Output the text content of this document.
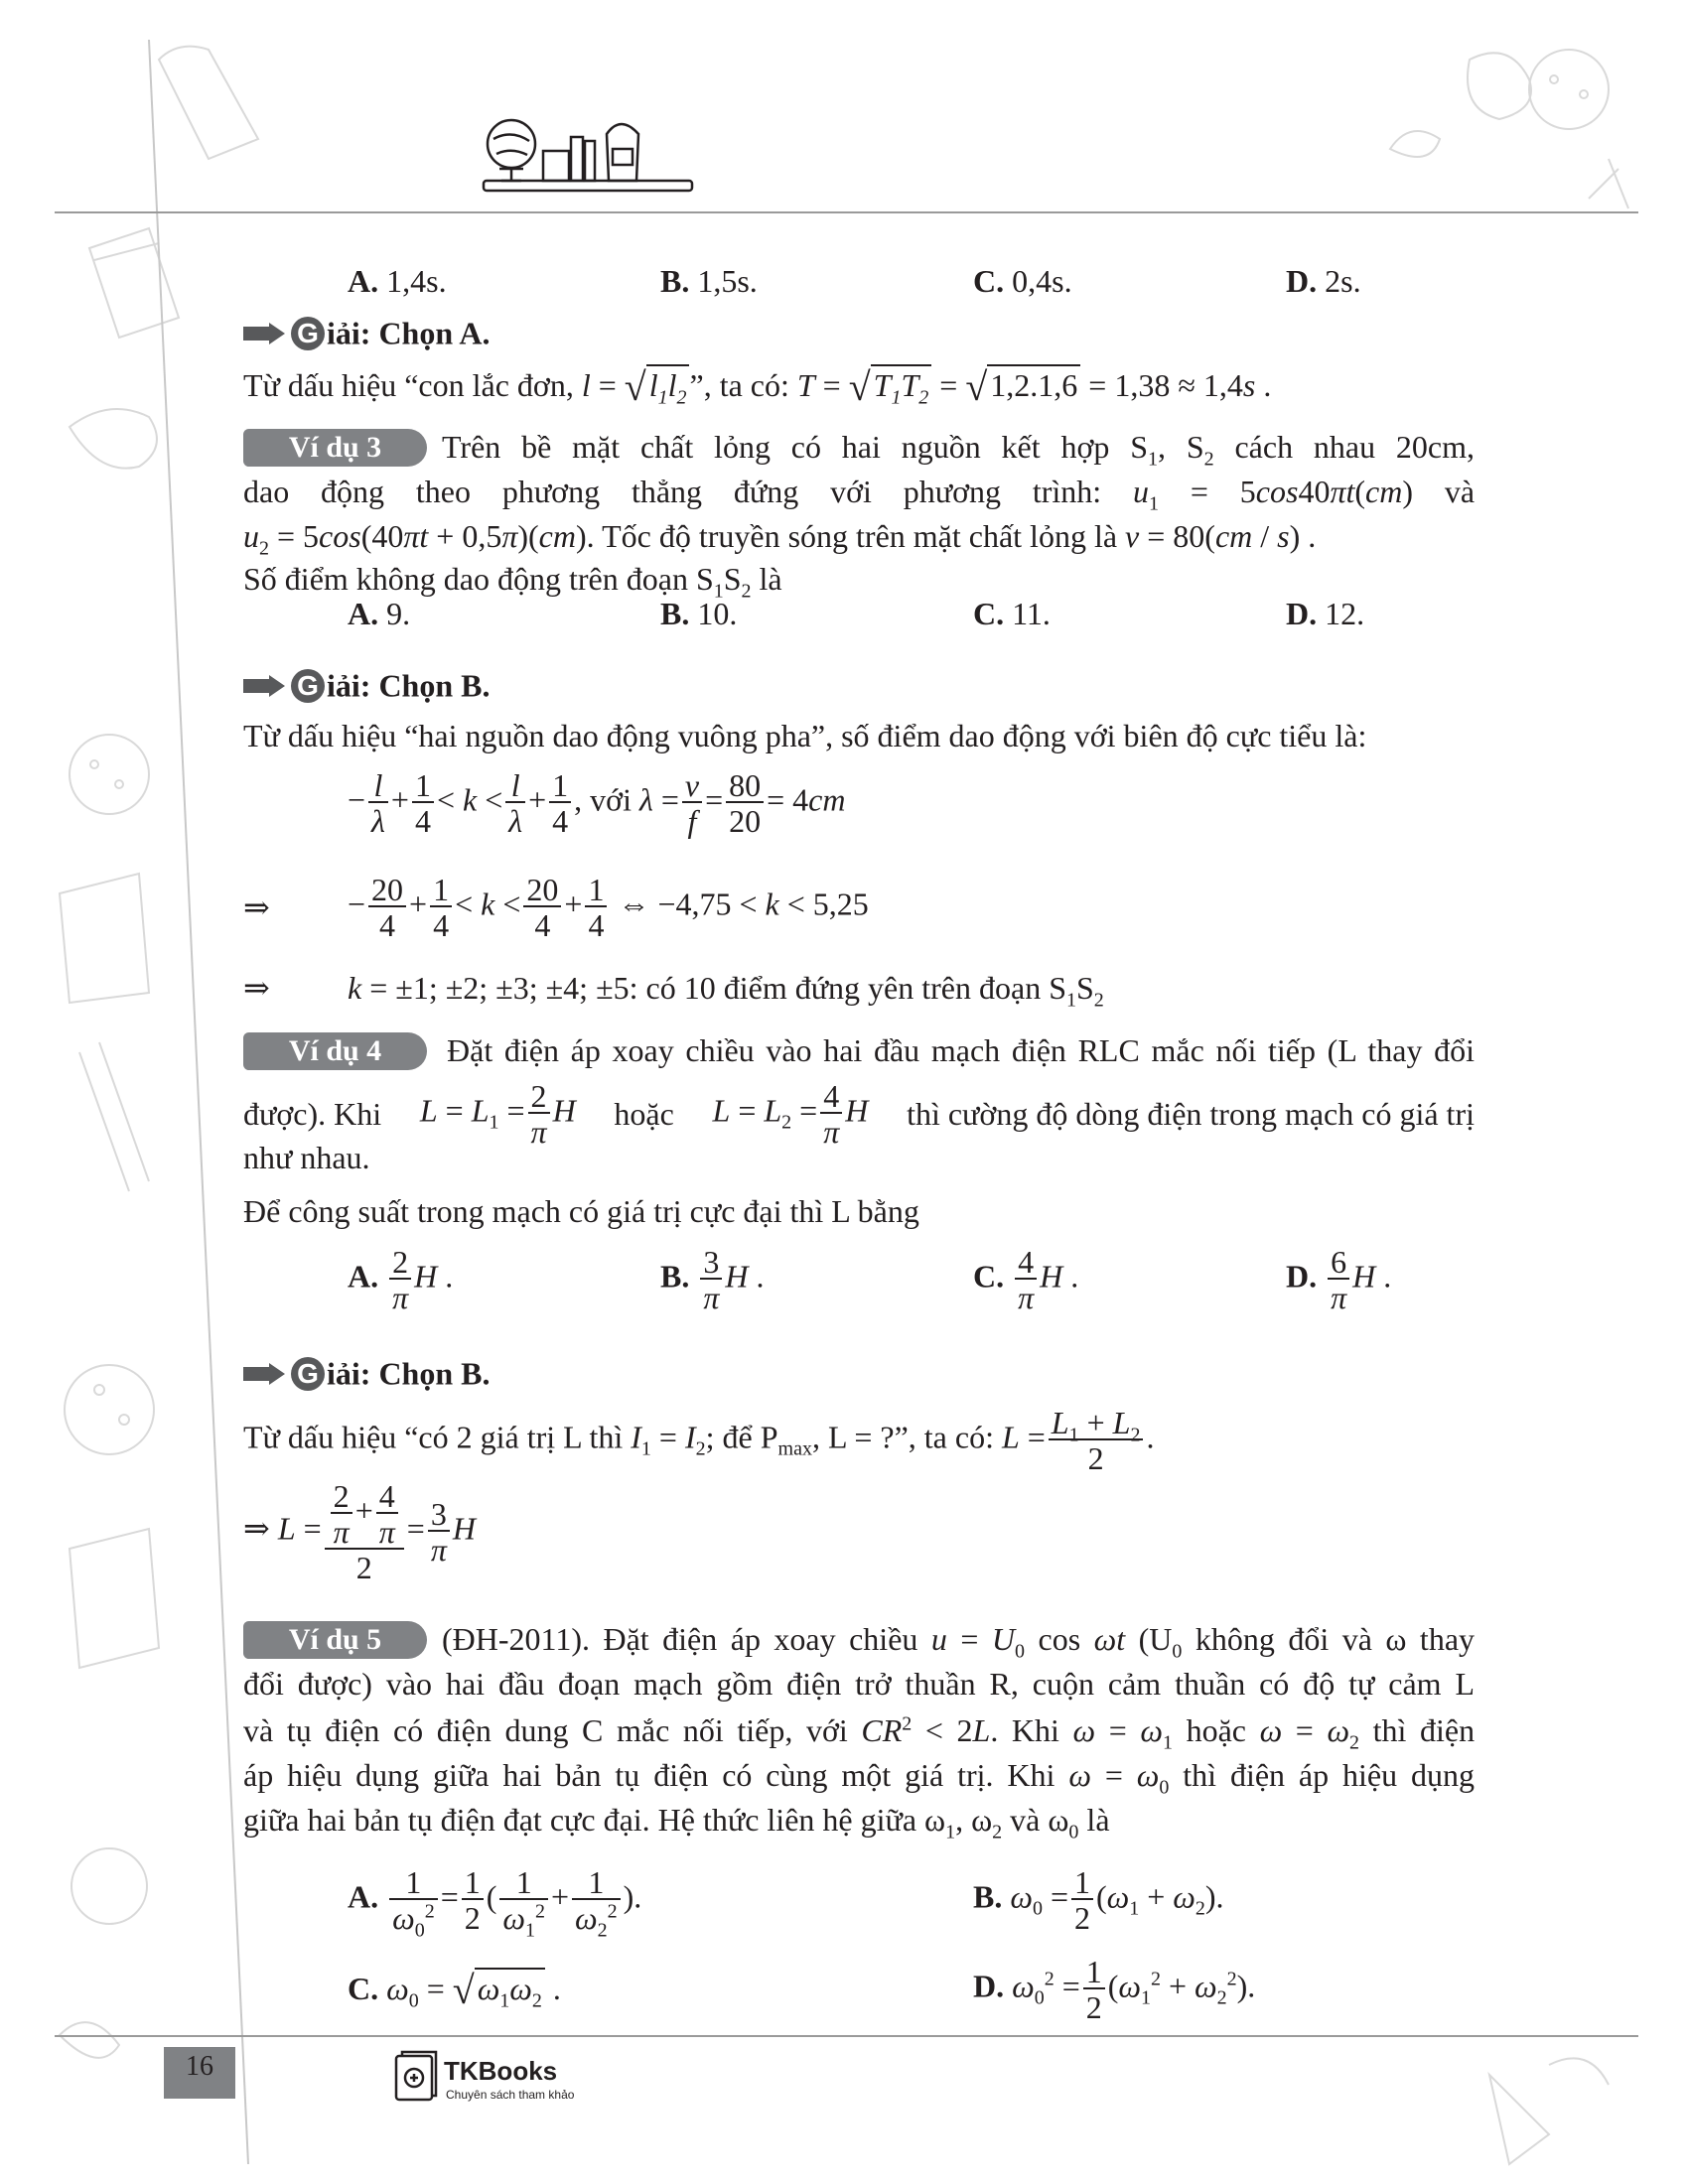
A. 1,4s.	B. 1,5s.	C. 0,4s.	D. 2s.
G iải: Chọn A.
Từ dấu hiệu “con lắc đơn, $l = √l_1l_2$”, ta có: $T = √T_1T_2 = √1,2.1,6 = 1,38 \approx 1,4s$ .
Ví dụ 3	Trên bề mặt chất lỏng có hai nguồn kết hợp $S_1$, $S_2$ cách nhau 20cm,
dao động theo phương thẳng đứng với phương trình: $u_1 = 5\cos 40\pi t(cm)$ và
$u_2 = 5\cos(40\pi t + 0,5\pi)(cm)$. Tốc độ truyền sóng trên mặt chất lỏng là v = 80(cm / s) .
Số điểm không dao động trên đoạn $S_1S_2$ là
A. 9.	B. 10.	C. 11.	D. 12.
G iải: Chọn B.
Từ dấu hiệu “hai nguồn dao động vuông pha”, số điểm dao động với biên độ cực tiểu là:
− $\frac{l}{\lambda} + \frac{1}{4} < k < \frac{l}{\lambda} + \frac{1}{4}$ , với $\lambda = \frac{v}{f} = \frac{80}{20} = 4cm$
⇒ − $\frac{20}{4} + \frac{1}{4} < k < \frac{20}{4} + \frac{1}{4}$ ⇔ −4,75 < k < 5,25
⇒ k = ±1; ±2; ±3; ±4; ±5: có 10 điểm đứng yên trên đoạn $S_1S_2$
Ví dụ 4	Đặt điện áp xoay chiều vào hai đầu mạch điện RLC mắc nối tiếp (L thay đổi
được). Khi $L = L_1 = \frac{2}{\pi}$ H hoặc $L = L_2 = \frac{4}{\pi}$ H thì cường độ dòng điện trong mạch có giá trị
như nhau.
Để công suất trong mạch có giá trị cực đại thì L bằng
A. $\frac{2}{\pi}$ H .	B. $\frac{3}{\pi}$ H .	C. $\frac{4}{\pi}$ H .	D. $\frac{6}{\pi}$ H .
G iải: Chọn B.
Từ dấu hiệu “có 2 giá trị L thì $I_1 = I_2$; để $P_{max}$, L = ?”, ta có: $L = \frac{L_1 + L_2}{2}$ .
⇒ $L = \frac{\frac{2}{\pi} + \frac{4}{\pi}}{2} = \frac{3}{\pi}$ H
Ví dụ 5	(ĐH-2011). Đặt điện áp xoay chiều $u = U_0$ cos ωt ($U_0$ không đổi và ω thay
đổi được) vào hai đầu đoạn mạch gồm điện trở thuần R, cuộn cảm thuần có độ tự cảm L
và tụ điện có điện dung C mắc nối tiếp, với $CR^2 < 2L$. Khi $\omega = \omega_1$ hoặc $\omega = \omega_2$ thì điện
áp hiệu dụng giữa hai bản tụ điện có cùng một giá trị. Khi $\omega = \omega_0$ thì điện áp hiệu dụng
giữa hai bản tụ điện đạt cực đại. Hệ thức liên hệ giữa $\omega_1$, $\omega_2$ và $\omega_0$ là
A. $\frac{1}{\omega_0^2} = \frac{1}{2}$ ( $\frac{1}{\omega_1^2} + \frac{1}{\omega_2^2}$ ).	B. $\omega_0 = \frac{1}{2} (\omega_1 + \omega_2)$.
C. $\omega_0 = √\omega_1\omega_2$ .	D. $\omega_0^2 = \frac{1}{2} (\omega_1^2 + \omega_2^2)$.
16	TKBooks
Chuyên sách tham khảo
